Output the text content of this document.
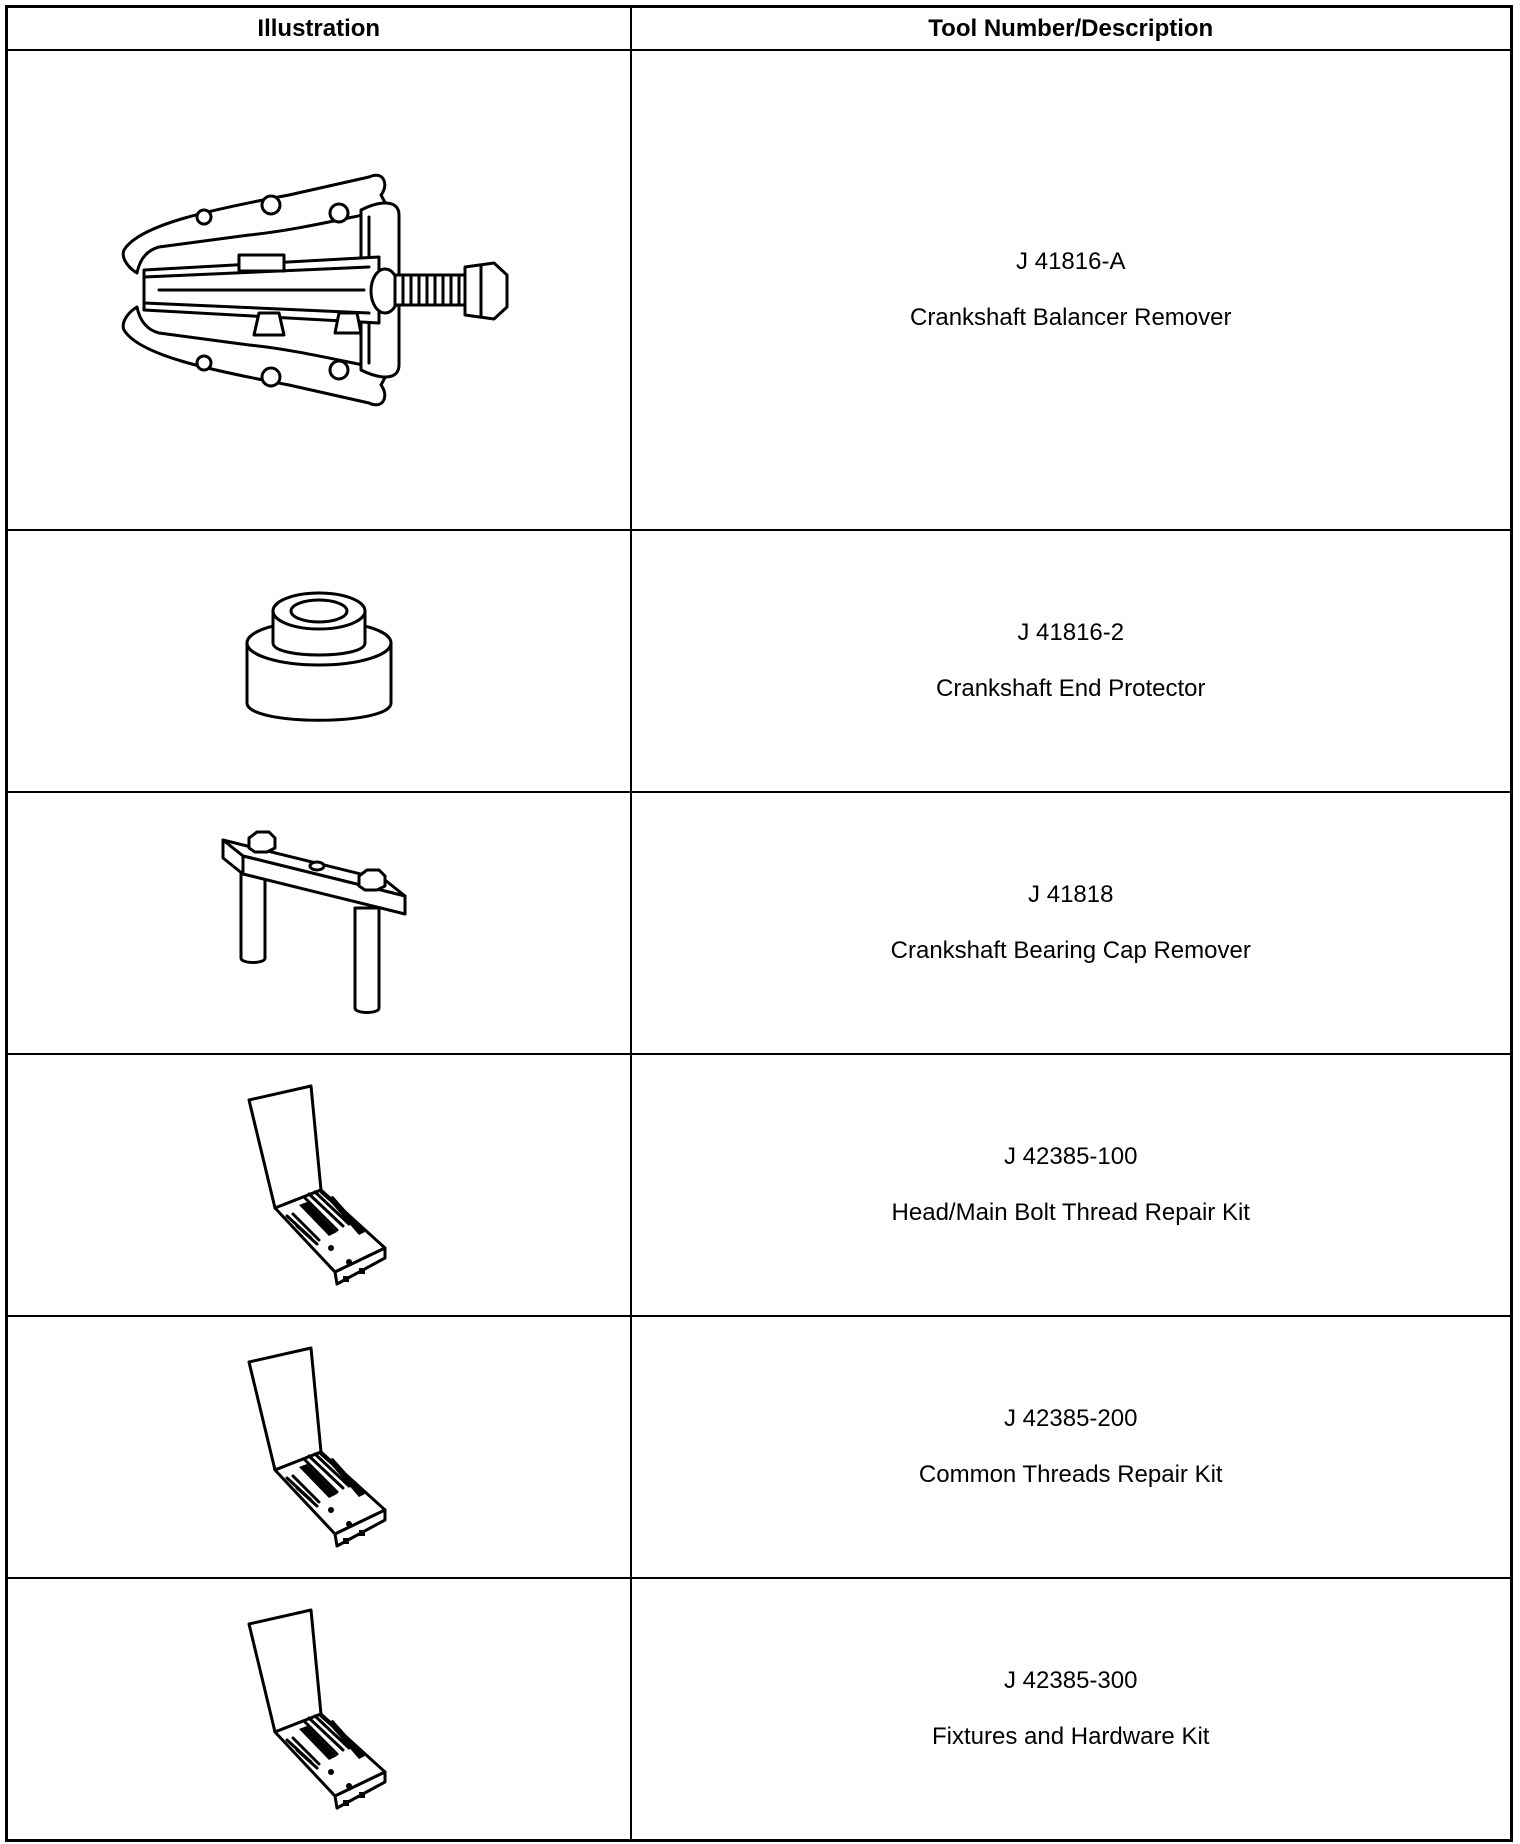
Illustration	Tool Number/Description

J 41816-A
Crankshaft Balancer Remover

J 41816-2
Crankshaft End Protector

J 41818
Crankshaft Bearing Cap Remover

J 42385-100
Head/Main Bolt Thread Repair Kit

J 42385-200
Common Threads Repair Kit

J 42385-300
Fixtures and Hardware Kit
